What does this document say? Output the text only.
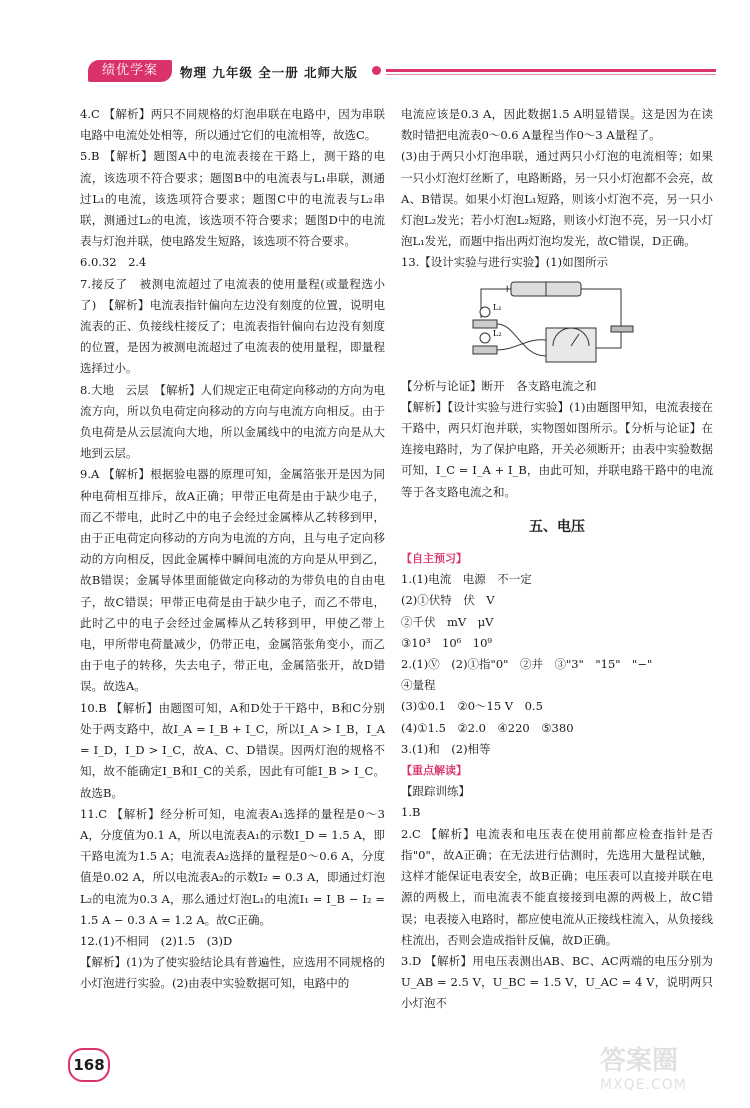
绩优学案	物理 九年级 全一册 北师大版

4.C 【解析】两只不同规格的灯泡串联在电路中，因为串联电路中电流处处相等，所以通过它们的电流相等，故选C。

5.B 【解析】题图A中的电流表接在干路上，测干路的电流，该选项不符合要求；题图B中的电流表与L₁串联，测通过L₁的电流，该选项符合要求；题图C中的电流表与L₂串联，测通过L₂的电流，该选项不符合要求；题图D中的电流表与灯泡并联，使电路发生短路，该选项不符合要求。

6.0.32　2.4

7.接反了　被测电流超过了电流表的使用量程(或量程选小了)　【解析】电流表指针偏向左边没有刻度的位置，说明电流表的正、负接线柱接反了；电流表指针偏向右边没有刻度的位置，是因为被测电流超过了电流表的使用量程，即量程选择过小。

8.大地　云层　【解析】人们规定正电荷定向移动的方向为电流方向，所以负电荷定向移动的方向与电流方向相反。由于负电荷是从云层流向大地，所以金属线中的电流方向是从大地到云层。

9.A 【解析】根据验电器的原理可知，金属箔张开是因为同种电荷相互排斥，故A正确；甲带正电荷是由于缺少电子，而乙不带电，此时乙中的电子会经过金属棒从乙转移到甲，由于正电荷定向移动的方向为电流的方向，且与电子定向移动的方向相反，因此金属棒中瞬间电流的方向是从甲到乙，故B错误；金属导体里面能做定向移动的为带负电的自由电子，故C错误；甲带正电荷是由于缺少电子，而乙不带电，此时乙中的电子会经过金属棒从乙转移到甲，甲使乙带上电，甲所带电荷量减少，仍带正电，金属箔张角变小，而乙由于电子的转移，失去电子，带正电，金属箔张开，故D错误。故选A。

10.B 【解析】由题图可知，A和D处于干路中，B和C分别处于两支路中，故I_A = I_B + I_C，所以I_A > I_B，I_A = I_D，I_D > I_C，故A、C、D错误。因两灯泡的规格不知，故不能确定I_B和I_C的关系，因此有可能I_B > I_C。故选B。

11.C 【解析】经分析可知，电流表A₁选择的量程是0～3 A，分度值为0.1 A，所以电流表A₁的示数I_D = 1.5 A，即干路电流为1.5 A；电流表A₂选择的量程是0～0.6 A，分度值是0.02 A，所以电流表A₂的示数I₂ = 0.3 A，即通过灯泡L₂的电流为0.3 A，那么通过灯泡L₁的电流I₁ = I_B − I₂ = 1.5 A − 0.3 A = 1.2 A。故C正确。

12.(1)不相同　(2)1.5　(3)D

【解析】(1)为了使实验结论具有普遍性，应选用不同规格的小灯泡进行实验。(2)由表中实验数据可知，电路中的

电流应该是0.3 A，因此数据1.5 A明显错误。这是因为在读数时错把电流表0～0.6 A量程当作0～3 A量程了。

(3)由于两只小灯泡串联，通过两只小灯泡的电流相等；如果一只小灯泡灯丝断了，电路断路，另一只小灯泡都不会亮，故A、B错误。如果小灯泡L₁短路，则该小灯泡不亮，另一只小灯泡L₂发光；若小灯泡L₂短路，则该小灯泡不亮，另一只小灯泡L₁发光，而题中指出两灯泡均发光，故C错误，D正确。

13.【设计实验与进行实验】(1)如图所示

+	−
L₁
L₂

【分析与论证】断开　各支路电流之和

【解析】【设计实验与进行实验】(1)由题图甲知，电流表接在干路中，两只灯泡并联，实物图如图所示。【分析与论证】在连接电路时，为了保护电路，开关必须断开；由表中实验数据可知，I_C = I_A + I_B，由此可知，并联电路干路中的电流等于各支路电流之和。

五、电压
【自主预习】

1.(1)电流　电源　不一定

(2)①伏特　伏　V

②千伏　mV　μV

③10³　10⁶　10⁹

2.(1)Ⓥ　(2)①指"0"　②并　③"3"　"15"　"−"

④量程

(3)①0.1　②0～15 V　0.5

(4)①1.5　②2.0　④220　⑤380

3.(1)和　(2)相等

【重点解读】

【跟踪训练】

1.B

2.C 【解析】电流表和电压表在使用前都应检查指针是否指"0"，故A正确；在无法进行估测时，先选用大量程试触，这样才能保证电表安全，故B正确；电压表可以直接并联在电源的两极上，而电流表不能直接接到电源的两极上，故C错误；电表接入电路时，都应使电流从正接线柱流入，从负接线柱流出，否则会造成指针反偏，故D正确。

3.D 【解析】用电压表测出AB、BC、AC两端的电压分别为U_AB = 2.5 V，U_BC = 1.5 V，U_AC = 4 V，说明两只小灯泡不

168	答案圈
MXQE.COM
